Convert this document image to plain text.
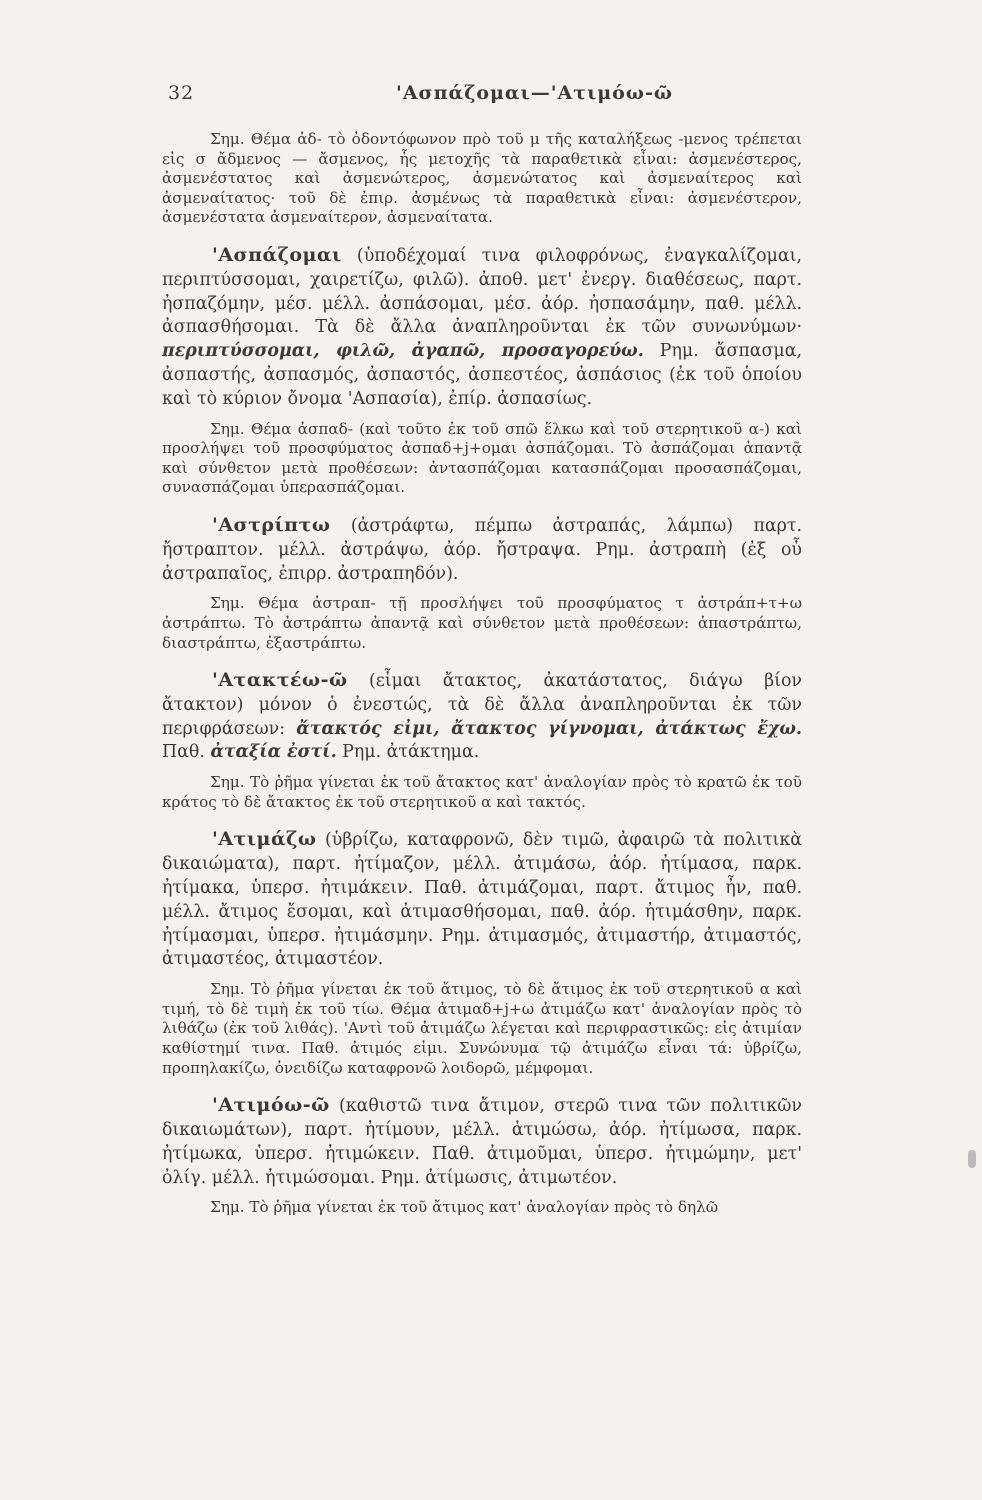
32	'Ασπάζομαι—'Ατιμόω-ῶ

Σημ. Θέμα ἀδ- τὸ ὀδοντόφωνον πρὸ τοῦ μ τῆς καταλήξεως -μενος τρέπεται εἰς σ ἄδμενος — ἄσμενος, ἧς μετοχῆς τὰ παραθετικὰ εἶναι: ἀσμενέστερος, ἀσμενέστατος καὶ ἀσμενώτερος, ἀσμενώτατος καὶ ἀσμεναίτερος καὶ ἀσμεναίτατος· τοῦ δὲ ἐπιρ. ἀσμένως τὰ παραθετικὰ εἶναι: ἀσμενέστερον, ἀσμενέστατα ἀσμεναίτερον, ἀσμεναίτατα.

'Ασπάζομαι (ὑποδέχομαί τινα φιλοφρόνως, ἐναγκαλίζομαι, περιπτύσσομαι, χαιρετίζω, φιλῶ). ἀποθ. μετ' ἐνεργ. διαθέσεως, παρτ. ἠσπαζόμην, μέσ. μέλλ. ἀσπάσομαι, μέσ. ἀόρ. ἠσπασάμην, παθ. μέλλ. ἀσπασθήσομαι. Τὰ δὲ ἄλλα ἀναπληροῦνται ἐκ τῶν συνωνύμων· περιπτύσσομαι, φιλῶ, ἀγαπῶ, προσαγορεύω. Ρημ. ἄσπασμα, ἀσπαστής, ἀσπασμός, ἀσπαστός, ἀσπεστέος, ἀσπάσιος (ἐκ τοῦ ὁποίου καὶ τὸ κύριον ὄνομα 'Ασπασία), ἐπίρ. ἀσπασίως.

Σημ. Θέμα ἀσπαδ- (καὶ τοῦτο ἐκ τοῦ σπῶ ἕλκω καὶ τοῦ στερητικοῦ α-) καὶ προσλήψει τοῦ προσφύματος ἀσπαδ+j+ομαι ἀσπάζομαι. Τὸ ἀσπάζομαι ἀπαντᾷ καὶ σύνθετον μετὰ προθέσεων: ἀντασπάζομαι κατασπάζομαι προσασπάζομαι, συνασπάζομαι ὑπερασπάζομαι.

'Αστρίπτω (ἀστράφτω, πέμπω ἀστραπάς, λάμπω) παρτ. ἤστραπτον. μέλλ. ἀστράψω, ἀόρ. ἤστραψα. Ρημ. ἀστραπὴ (ἐξ οὗ ἀστραπαῖος, ἐπιρρ. ἀστραπηδόν).

Σημ. Θέμα ἀστραπ- τῇ προσλήψει τοῦ προσφύματος τ ἀστράπ+τ+ω ἀστράπτω. Τὸ ἀστράπτω ἀπαντᾷ καὶ σύνθετον μετὰ προθέσεων: ἀπαστράπτω, διαστράπτω, ἐξαστράπτω.

'Ατακτέω-ῶ (εἶμαι ἄτακτος, ἀκατάστατος, διάγω βίον ἄτακτον) μόνον ὁ ἐνεστώς, τὰ δὲ ἄλλα ἀναπληροῦνται ἐκ τῶν περιφράσεων: ἄτακτός εἰμι, ἄτακτος γίγνομαι, ἀτάκτως ἔχω. Παθ. ἀταξία ἐστί. Ρημ. ἀτάκτημα.

Σημ. Τὸ ῥῆμα γίνεται ἐκ τοῦ ἄτακτος κατ' ἀναλογίαν πρὸς τὸ κρατῶ ἐκ τοῦ κράτος τὸ δὲ ἄτακτος ἐκ τοῦ στερητικοῦ α καὶ τακτός.

'Ατιμάζω (ὑβρίζω, καταφρονῶ, δὲν τιμῶ, ἀφαιρῶ τὰ πολιτικὰ δικαιώματα), παρτ. ἠτίμαζον, μέλλ. ἀτιμάσω, ἀόρ. ἠτίμασα, παρκ. ἠτίμακα, ὑπερσ. ἠτιμάκειν. Παθ. ἀτιμάζομαι, παρτ. ἄτιμος ἦν, παθ. μέλλ. ἄτιμος ἔσομαι, καὶ ἀτιμασθήσομαι, παθ. ἀόρ. ἠτιμάσθην, παρκ. ἠτίμασμαι, ὑπερσ. ἠτιμάσμην. Ρημ. ἀτιμασμός, ἀτιμαστήρ, ἀτιμαστός, ἀτιμαστέος, ἀτιμαστέον.

Σημ. Τὸ ῥῆμα γίνεται ἐκ τοῦ ἄτιμος, τὸ δὲ ἄτιμος ἐκ τοῦ στερητικοῦ α καὶ τιμή, τὸ δὲ τιμὴ ἐκ τοῦ τίω. Θέμα ἀτιμαδ+j+ω ἀτιμάζω κατ' ἀναλογίαν πρὸς τὸ λιθάζω (ἐκ τοῦ λιθάς). 'Αντὶ τοῦ ἀτιμάζω λέγεται καὶ περιφραστικῶς: εἰς ἀτιμίαν καθίστημί τινα. Παθ. ἀτιμός εἰμι. Συνώνυμα τῷ ἀτιμάζω εἶναι τά: ὑβρίζω, προπηλακίζω, ὀνειδίζω καταφρονῶ λοιδορῶ, μέμφομαι.

'Ατιμόω-ῶ (καθιστῶ τινα ἄτιμον, στερῶ τινα τῶν πολιτικῶν δικαιωμάτων), παρτ. ἠτίμουν, μέλλ. ἀτιμώσω, ἀόρ. ἠτίμωσα, παρκ. ἠτίμωκα, ὑπερσ. ἠτιμώκειν. Παθ. ἀτιμοῦμαι, ὑπερσ. ἠτιμώμην, μετ' ὀλίγ. μέλλ. ἠτιμώσομαι. Ρημ. ἀτίμωσις, ἀτιμωτέον.

Σημ. Τὸ ῥῆμα γίνεται ἐκ τοῦ ἄτιμος κατ' ἀναλογίαν πρὸς τὸ δηλῶ
